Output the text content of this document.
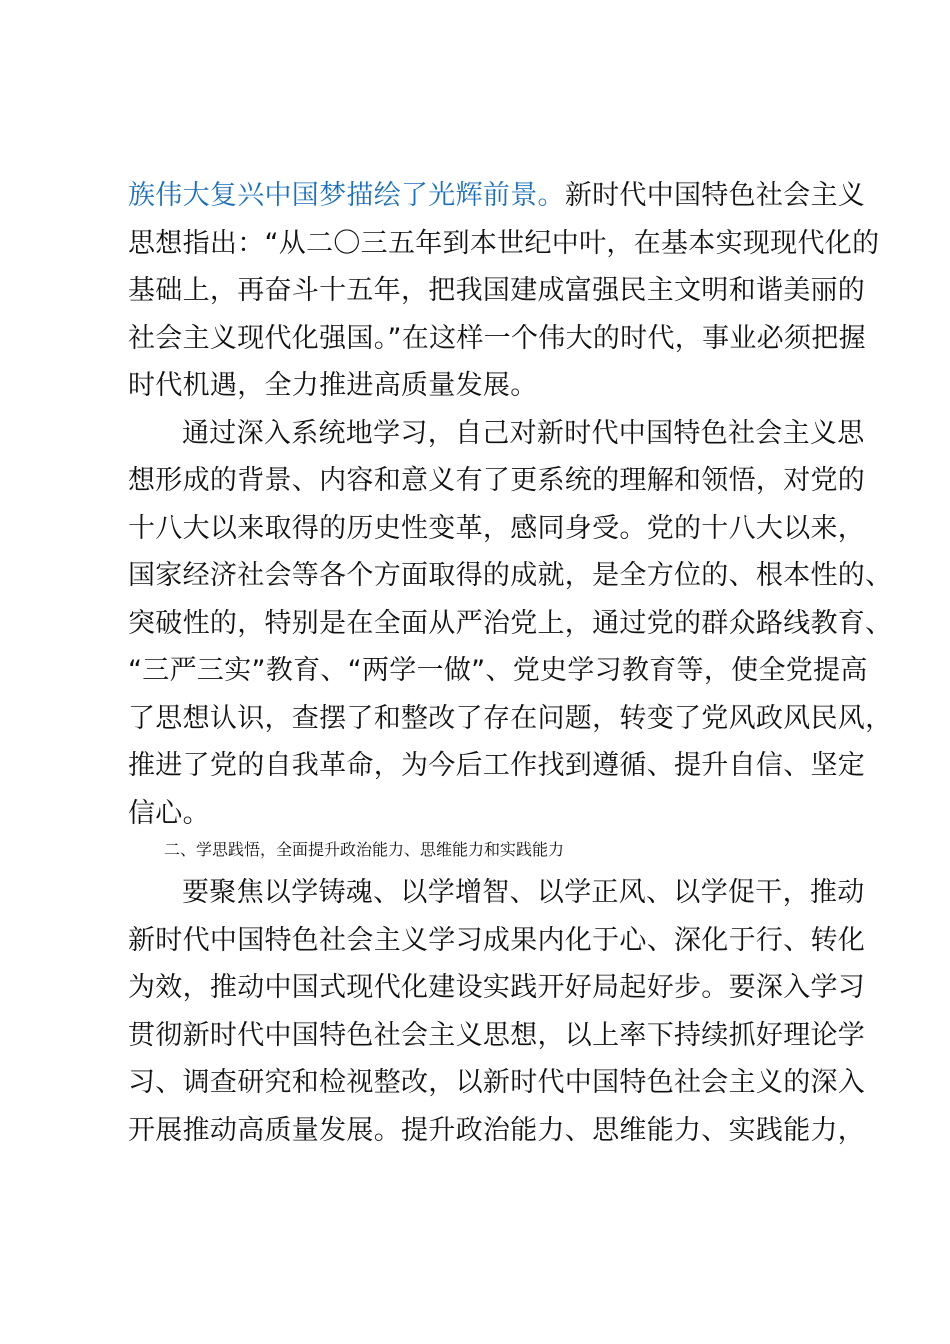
族伟大复兴中国梦描绘了光辉前景。新时代中国特色社会主义
思想指出：“从二〇三五年到本世纪中叶，在基本实现现代化的
基础上，再奋斗十五年，把我国建成富强民主文明和谐美丽的
社会主义现代化强国。”在这样一个伟大的时代，事业必须把握
时代机遇，全力推进高质量发展。
通过深入系统地学习，自己对新时代中国特色社会主义思
想形成的背景、内容和意义有了更系统的理解和领悟，对党的
十八大以来取得的历史性变革，感同身受。党的十八大以来，
国家经济社会等各个方面取得的成就，是全方位的、根本性的、
突破性的，特别是在全面从严治党上，通过党的群众路线教育、
“三严三实”教育、“两学一做”、党史学习教育等，使全党提高
了思想认识，查摆了和整改了存在问题，转变了党风政风民风，
推进了党的自我革命，为今后工作找到遵循、提升自信、坚定
信心。
二、学思践悟，全面提升政治能力、思维能力和实践能力
要聚焦以学铸魂、以学增智、以学正风、以学促干，推动
新时代中国特色社会主义学习成果内化于心、深化于行、转化
为效，推动中国式现代化建设实践开好局起好步。要深入学习
贯彻新时代中国特色社会主义思想，以上率下持续抓好理论学
习、调查研究和检视整改，以新时代中国特色社会主义的深入
开展推动高质量发展。提升政治能力、思维能力、实践能力，
